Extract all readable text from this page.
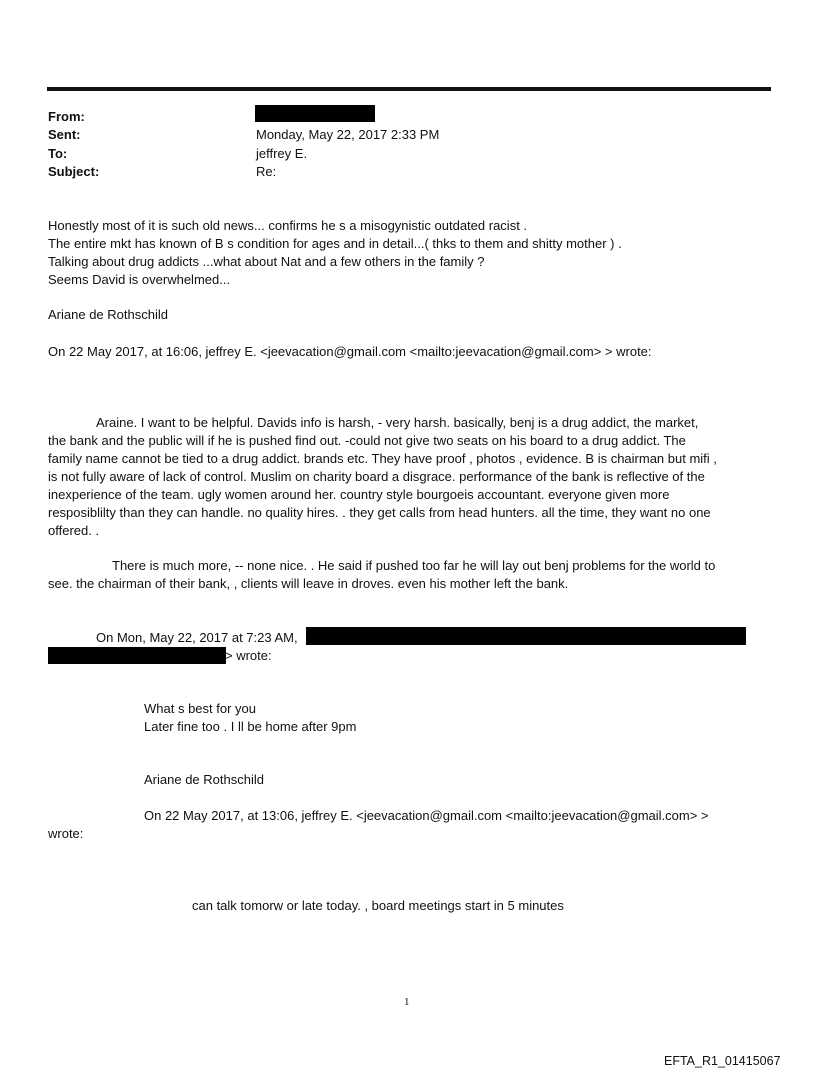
From:
Sent:	Monday, May 22, 2017 2:33 PM
To:	jeffrey E.
Subject:	Re:
Honestly most of it is such old news... confirms he s a misogynistic outdated racist .
The entire mkt has known of B s condition for ages and in detail...( thks to them and shitty mother ) .
Talking about drug addicts ...what about Nat and a few others in the family ?
Seems David is overwhelmed...
Ariane de Rothschild
On 22 May 2017, at 16:06, jeffrey E. <jeevacation@gmail.com <mailto:jeevacation@gmail.com> > wrote:
Araine. I want to be helpful. Davids info is harsh, - very harsh. basically, benj is a drug addict, the market,
the bank and the public will if he is pushed find out. -could not give two seats on his board to a drug addict. The
family name cannot be tied to a drug addict. brands etc. They have proof , photos , evidence. B is chairman but mifi ,
is not fully aware of lack of control. Muslim on charity board a disgrace. performance of the bank is reflective of the
inexperience of the team. ugly women around her. country style bourgoeis accountant. everyone given more
resposiblilty than they can handle. no quality hires. . they get calls from head hunters. all the time, they want no one
offered. .
There is much more, -- none nice. . He said if pushed too far he will lay out benj problems for the world to
see. the chairman of their bank, , clients will leave in droves. even his mother left the bank.
On Mon, May 22, 2017 at 7:23 AM,
> wrote:
What s best for you
Later fine too . I ll be home after 9pm
Ariane de Rothschild
On 22 May 2017, at 13:06, jeffrey E. <jeevacation@gmail.com <mailto:jeevacation@gmail.com> >
wrote:
can talk tomorw or late today. , board meetings start in 5 minutes
1
EFTA_R1_01415067
